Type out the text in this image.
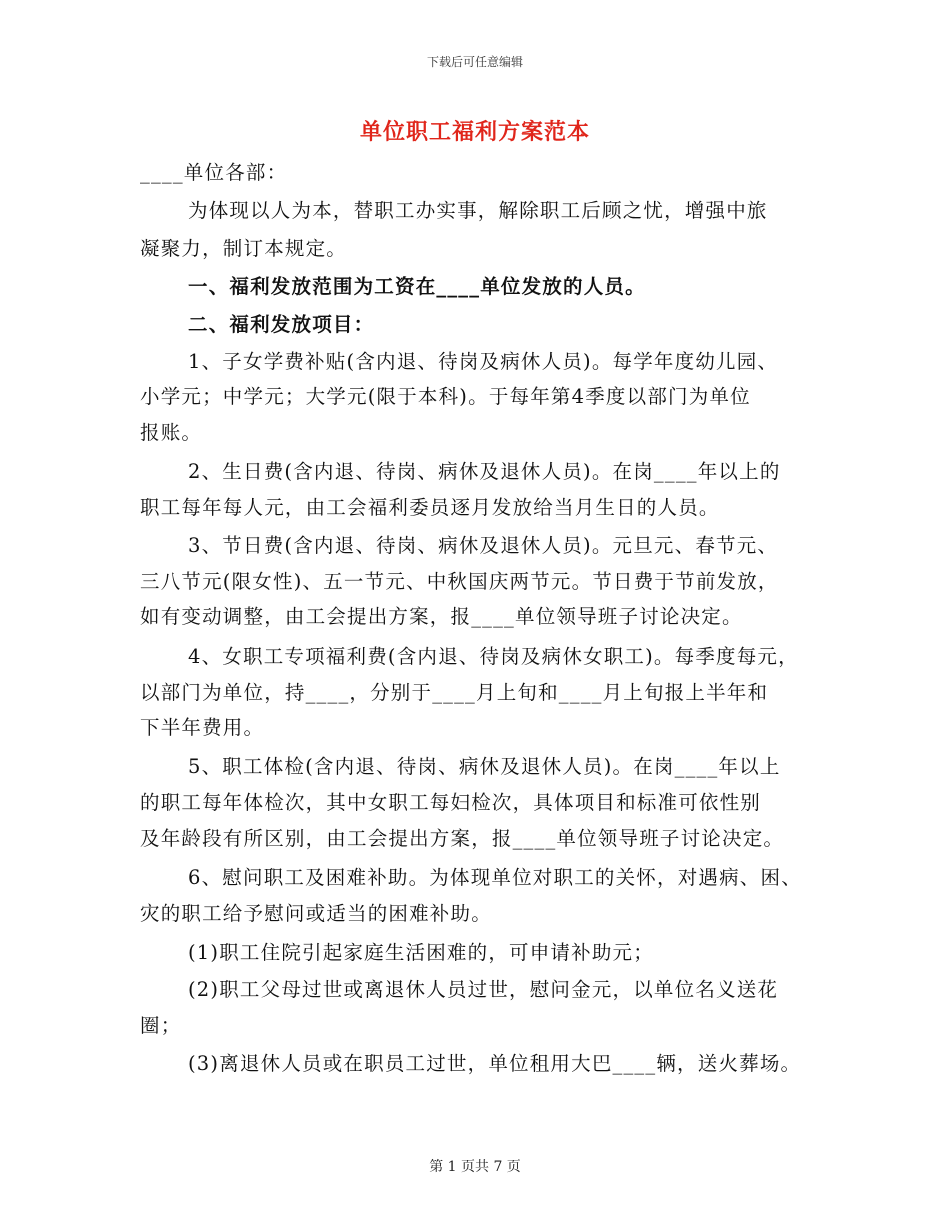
下载后可任意编辑
单位职工福利方案范本
____单位各部：
为体现以人为本，替职工办实事，解除职工后顾之忧，增强中旅
凝聚力，制订本规定。
一、福利发放范围为工资在____单位发放的人员。
二、福利发放项目：
1、子女学费补贴(含内退、待岗及病休人员)。每学年度幼儿园、
小学元；中学元；大学元(限于本科)。于每年第4季度以部门为单位
报账。
2、生日费(含内退、待岗、病休及退休人员)。在岗____年以上的
职工每年每人元，由工会福利委员逐月发放给当月生日的人员。
3、节日费(含内退、待岗、病休及退休人员)。元旦元、春节元、
三八节元(限女性)、五一节元、中秋国庆两节元。节日费于节前发放，
如有变动调整，由工会提出方案，报____单位领导班子讨论决定。
4、女职工专项福利费(含内退、待岗及病休女职工)。每季度每元，
以部门为单位，持____，分别于____月上旬和____月上旬报上半年和
下半年费用。
5、职工体检(含内退、待岗、病休及退休人员)。在岗____年以上
的职工每年体检次，其中女职工每妇检次，具体项目和标准可依性别
及年龄段有所区别，由工会提出方案，报____单位领导班子讨论决定。
6、慰问职工及困难补助。为体现单位对职工的关怀，对遇病、困、
灾的职工给予慰问或适当的困难补助。
(1)职工住院引起家庭生活困难的，可申请补助元；
(2)职工父母过世或离退休人员过世，慰问金元，以单位名义送花
圈；
(3)离退休人员或在职员工过世，单位租用大巴____辆，送火葬场。
第 1 页共 7 页
